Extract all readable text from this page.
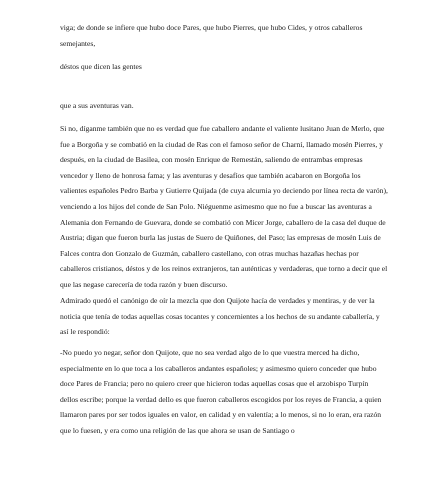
viga; de donde se infiere que hubo doce Pares, que hubo Pierres, que hubo Cides, y otros caballeros semejantes,

déstos que dicen las gentes

que a sus aventuras van.

Si no, díganme también que no es verdad que fue caballero andante el valiente lusitano Juan de Merlo, que fue a Borgoña y se combatió en la ciudad de Ras con el famoso señor de Charní, llamado mosén Pierres, y después, en la ciudad de Basilea, con mosén Enrique de Remestán, saliendo de entrambas empresas vencedor y lleno de honrosa fama; y las aventuras y desafíos que también acabaron en Borgoña los valientes españoles Pedro Barba y Gutierre Quijada (de cuya alcurnia yo deciendo por línea recta de varón), venciendo a los hijos del conde de San Polo. Niéguenme asimesmo que no fue a buscar las aventuras a Alemania don Fernando de Guevara, donde se combatió con Micer Jorge, caballero de la casa del duque de Austria; digan que fueron burla las justas de Suero de Quiñones, del Paso; las empresas de mosén Luis de Falces contra don Gonzalo de Guzmán, caballero castellano, con otras muchas hazañas hechas por caballeros cristianos, déstos y de los reinos extranjeros, tan auténticas y verdaderas, que torno a decir que el que las negase carecería de toda razón y buen discurso.

Admirado quedó el canónigo de oír la mezcla que don Quijote hacía de verdades y mentiras, y de ver la noticia que tenía de todas aquellas cosas tocantes y concernientes a los hechos de su andante caballería, y así le respondió:

-No puedo yo negar, señor don Quijote, que no sea verdad algo de lo que vuestra merced ha dicho, especialmente en lo que toca a los caballeros andantes españoles; y asimesmo quiero conceder que hubo doce Pares de Francia; pero no quiero creer que hicieron todas aquellas cosas que el arzobispo Turpín dellos escribe; porque la verdad dello es que fueron caballeros escogidos por los reyes de Francia, a quien llamaron pares por ser todos iguales en valor, en calidad y en valentía; a lo menos, si no lo eran, era razón que lo fuesen, y era como una religión de las que ahora se usan de Santiago o
